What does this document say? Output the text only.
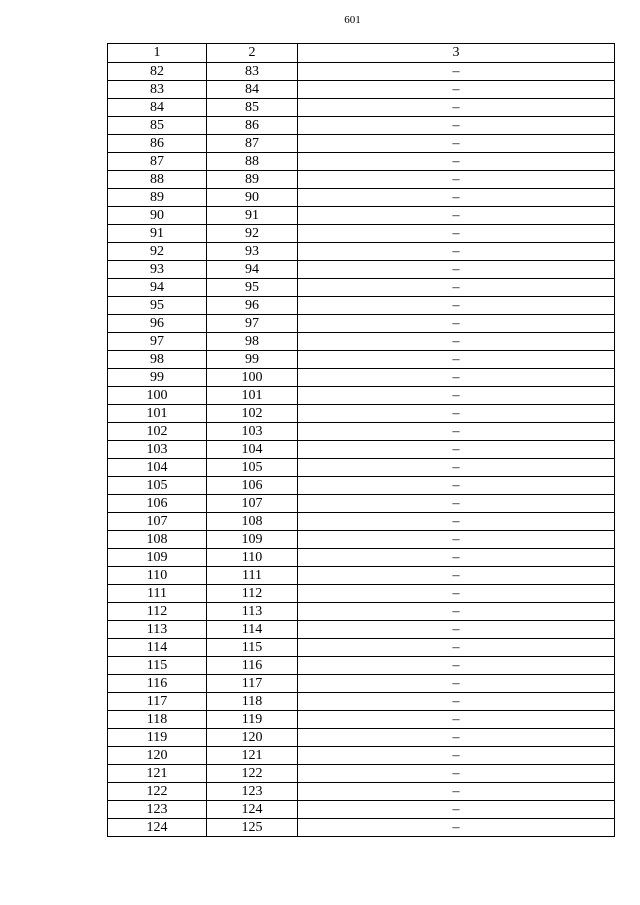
601
1	2	3
82	83	–
83	84	–
84	85	–
85	86	–
86	87	–
87	88	–
88	89	–
89	90	–
90	91	–
91	92	–
92	93	–
93	94	–
94	95	–
95	96	–
96	97	–
97	98	–
98	99	–
99	100	–
100	101	–
101	102	–
102	103	–
103	104	–
104	105	–
105	106	–
106	107	–
107	108	–
108	109	–
109	110	–
110	111	–
111	112	–
112	113	–
113	114	–
114	115	–
115	116	–
116	117	–
117	118	–
118	119	–
119	120	–
120	121	–
121	122	–
122	123	–
123	124	–
124	125	–
